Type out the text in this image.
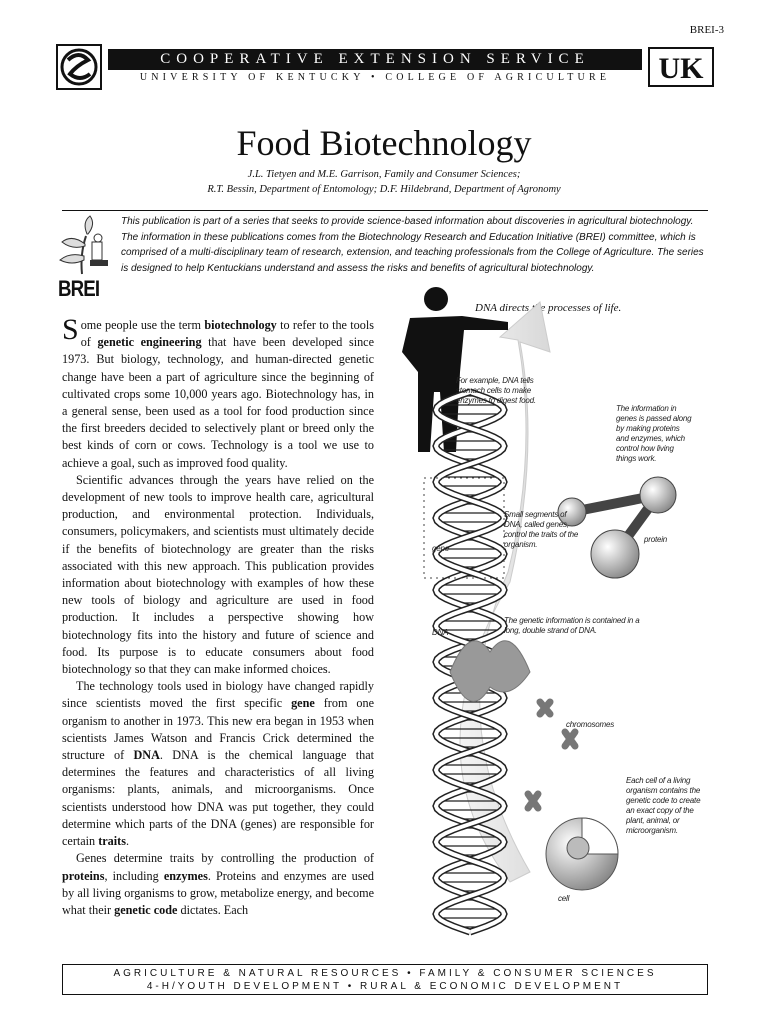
BREI-3
COOPERATIVE EXTENSION SERVICE
UNIVERSITY OF KENTUCKY • COLLEGE OF AGRICULTURE	UK
Food Biotechnology
J.L. Tietyen and M.E. Garrison, Family and Consumer Sciences;
R.T. Bessin, Department of Entomology; D.F. Hildebrand, Department of Agronomy
BREI
This publication is part of a series that seeks to provide science-based information about discoveries in agricultural biotechnology. The information in these publications comes from the Biotechnology Research and Education Initiative (BREI) committee, which is comprised of a multi-disciplinary team of research, extension, and teaching professionals from the College of Agriculture. The series is designed to help Kentuckians understand and assess the risks and benefits of agricultural biotechnology.

Some people use the term biotechnology to refer to the tools of genetic engineering that have been developed since 1973. But biology, technology, and human-directed genetic change have been a part of agriculture since the beginning of cultivated crops some 10,000 years ago. Biotechnology has, in a general sense, been used as a tool for food production since the first breeders decided to selectively plant or breed only the best kinds of corn or cows. Technology is a tool we use to achieve a goal, such as improved food quality.

Scientific advances through the years have relied on the development of new tools to improve health care, agricultural production, and environmental protection. Individuals, consumers, policymakers, and scientists must ultimately decide if the benefits of biotechnology are greater than the risks associated with this new approach. This publication provides information about biotechnology with examples of how these new tools of biology and agriculture are used in food production. It includes a perspective showing how biotechnology fits into the history and future of science and food. Its purpose is to educate consumers about food biotechnology so that they can make informed choices.

The technology tools used in biology have changed rapidly since scientists moved the first specific gene from one organism to another in 1973. This new era began in 1953 when scientists James Watson and Francis Crick determined the structure of DNA. DNA is the chemical language that determines the features and characteristics of all living organisms: plants, animals, and microorganisms. Once scientists understood how DNA was put together, they could determine which parts of the DNA (genes) are responsible for certain traits.

Genes determine traits by controlling the production of proteins, including enzymes. Proteins and enzymes are used by all living organisms to grow, metabolize energy, and become what their genetic code dictates. Each

DNA directs the processes of life.
For example, DNA tells stomach cells to make enzymes to digest food.
The information in genes is passed along by making proteins and enzymes, which control how living things work.
Small segments of DNA, called genes, control the traits of the organism.
protein
gene
The genetic information is contained in a long, double strand of DNA.
DNA
chromosomes
Each cell of a living organism contains the genetic code to create an exact copy of the plant, animal, or microorganism.
cell
AGRICULTURE & NATURAL RESOURCES • FAMILY & CONSUMER SCIENCES
4-H/YOUTH DEVELOPMENT • RURAL & ECONOMIC DEVELOPMENT
